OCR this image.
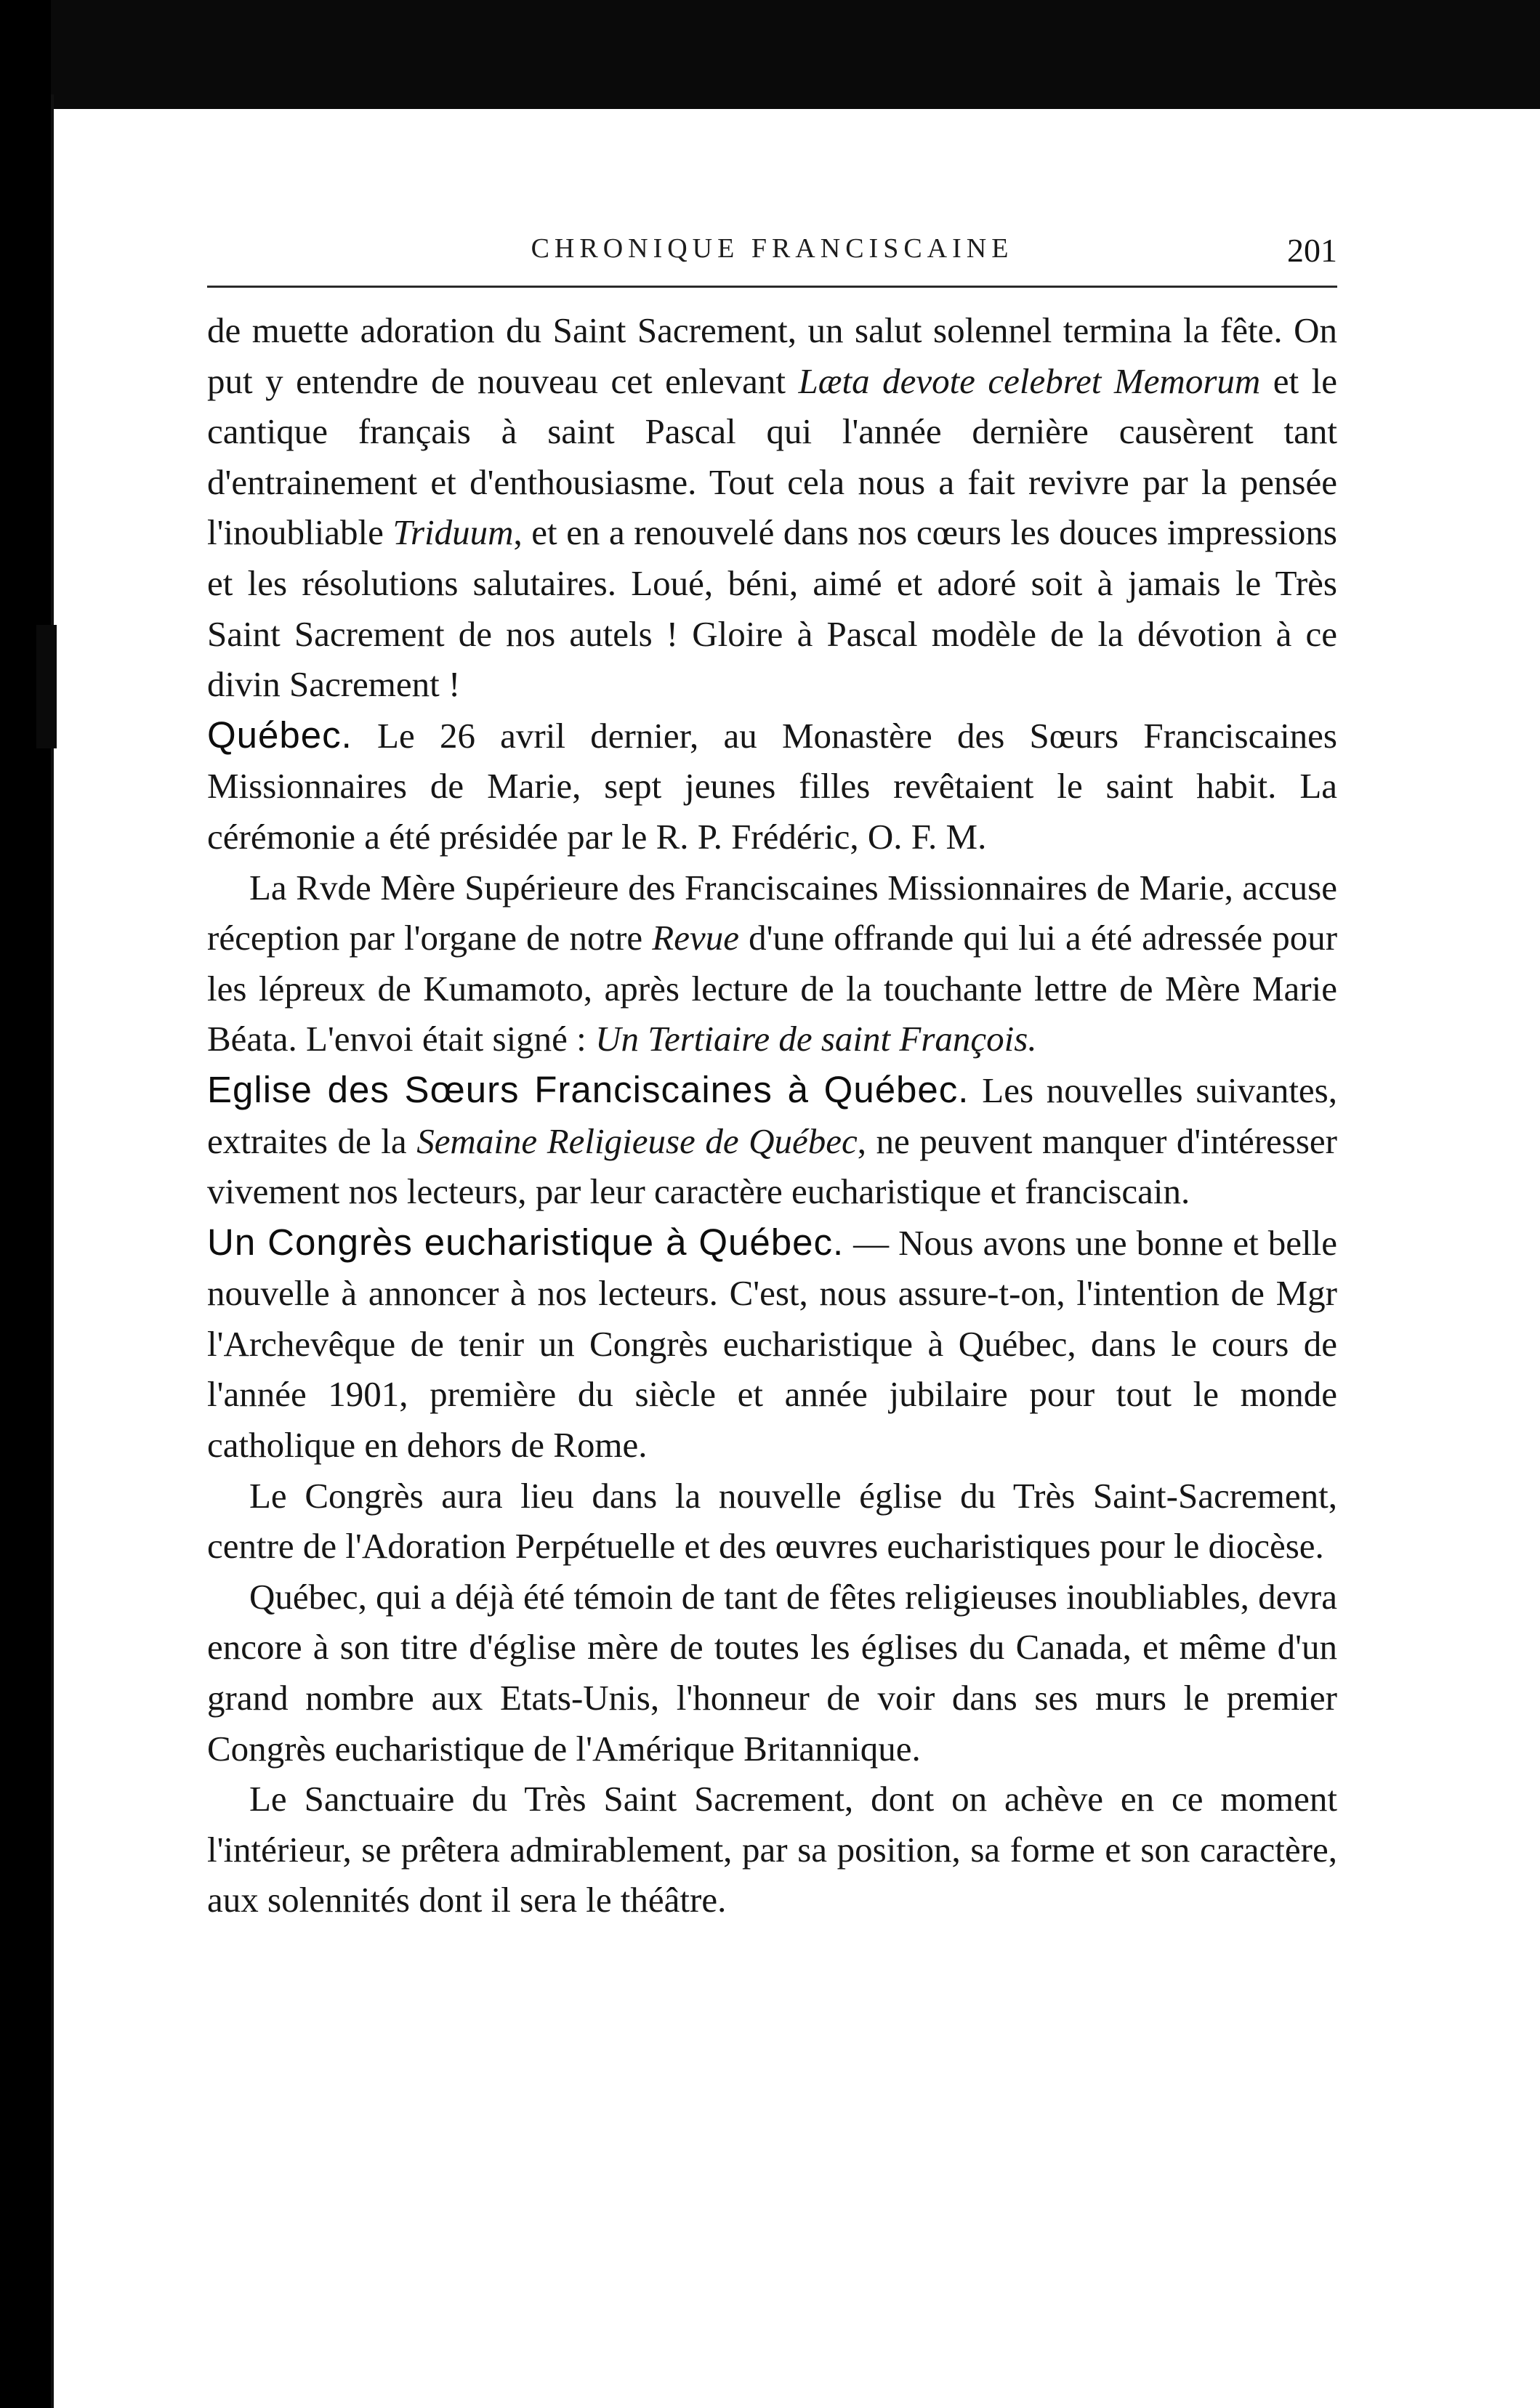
CHRONIQUE FRANCISCAINE	201

de muette adoration du Saint Sacrement, un salut solennel termina la fête. On put y entendre de nouveau cet enlevant Læta devote celebret Memorum et le cantique français à saint Pascal qui l'année dernière causèrent tant d'entrainement et d'enthousiasme. Tout cela nous a fait revivre par la pensée l'inoubliable Triduum, et en a renouvelé dans nos cœurs les douces impressions et les résolutions salutaires. Loué, béni, aimé et adoré soit à jamais le Très Saint Sacrement de nos autels ! Gloire à Pascal modèle de la dévotion à ce divin Sacrement !

Québec. Le 26 avril dernier, au Monastère des Sœurs Franciscaines Missionnaires de Marie, sept jeunes filles revêtaient le saint habit. La cérémonie a été présidée par le R. P. Frédéric, O. F. M.

La Rvde Mère Supérieure des Franciscaines Missionnaires de Marie, accuse réception par l'organe de notre Revue d'une offrande qui lui a été adressée pour les lépreux de Kumamoto, après lecture de la touchante lettre de Mère Marie Béata. L'envoi était signé : Un Tertiaire de saint François.

Eglise des Sœurs Franciscaines à Québec. Les nouvelles suivantes, extraites de la Semaine Religieuse de Québec, ne peuvent manquer d'intéresser vivement nos lecteurs, par leur caractère eucharistique et franciscain.

Un Congrès eucharistique à Québec. — Nous avons une bonne et belle nouvelle à annoncer à nos lecteurs. C'est, nous assure-t-on, l'intention de Mgr l'Archevêque de tenir un Congrès eucharistique à Québec, dans le cours de l'année 1901, première du siècle et année jubilaire pour tout le monde catholique en dehors de Rome.

Le Congrès aura lieu dans la nouvelle église du Très Saint-Sacrement, centre de l'Adoration Perpétuelle et des œuvres eucharistiques pour le diocèse.

Québec, qui a déjà été témoin de tant de fêtes religieuses inoubliables, devra encore à son titre d'église mère de toutes les églises du Canada, et même d'un grand nombre aux Etats-Unis, l'honneur de voir dans ses murs le premier Congrès eucharistique de l'Amérique Britannique.

Le Sanctuaire du Très Saint Sacrement, dont on achève en ce moment l'intérieur, se prêtera admirablement, par sa position, sa forme et son caractère, aux solennités dont il sera le théâtre.
